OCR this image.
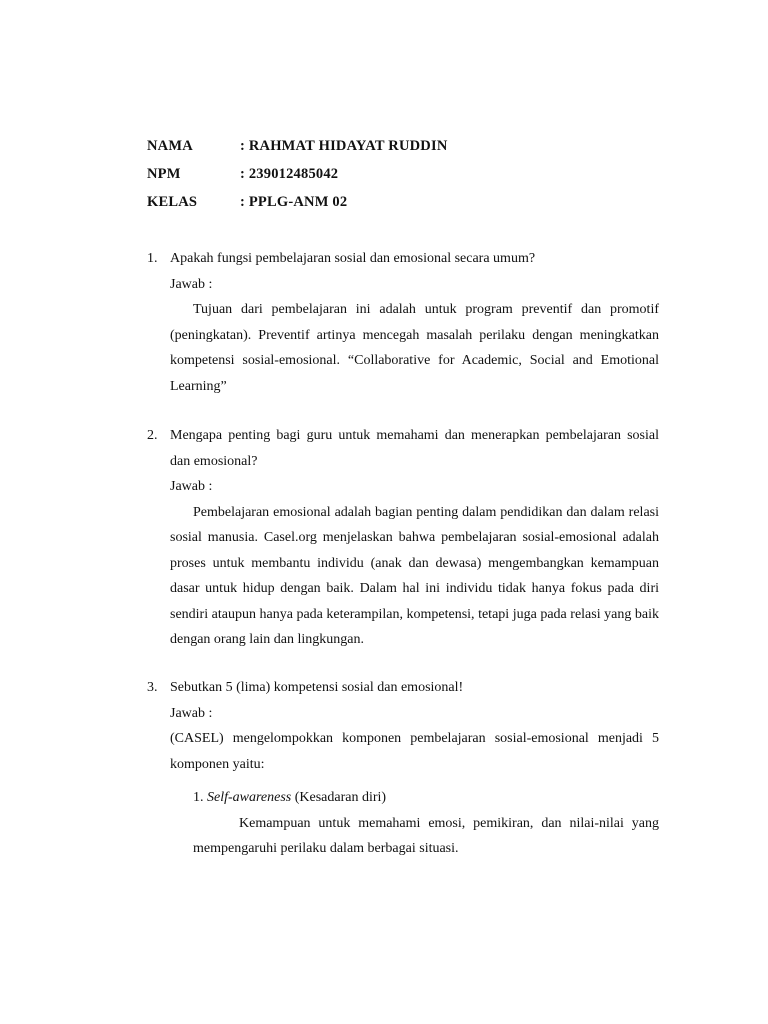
NAMA	: RAHMAT HIDAYAT RUDDIN
NPM	: 239012485042
KELAS	: PPLG-ANM 02
1. Apakah fungsi pembelajaran sosial dan emosional secara umum?
Jawab :
Tujuan dari pembelajaran ini adalah untuk program preventif dan promotif (peningkatan). Preventif artinya mencegah masalah perilaku dengan meningkatkan kompetensi sosial-emosional. “Collaborative for Academic, Social and Emotional Learning”
2. Mengapa penting bagi guru untuk memahami dan menerapkan pembelajaran sosial dan emosional?
Jawab :
Pembelajaran emosional adalah bagian penting dalam pendidikan dan dalam relasi sosial manusia. Casel.org menjelaskan bahwa pembelajaran sosial-emosional adalah proses untuk membantu individu (anak dan dewasa) mengembangkan kemampuan dasar untuk hidup dengan baik. Dalam hal ini individu tidak hanya fokus pada diri sendiri ataupun hanya pada keterampilan, kompetensi, tetapi juga pada relasi yang baik dengan orang lain dan lingkungan.
3. Sebutkan 5 (lima) kompetensi sosial dan emosional!
Jawab :
(CASEL) mengelompokkan komponen pembelajaran sosial-emosional menjadi 5 komponen yaitu:
1. Self-awareness (Kesadaran diri)
Kemampuan untuk memahami emosi, pemikiran, dan nilai-nilai yang mempengaruhi perilaku dalam berbagai situasi.
